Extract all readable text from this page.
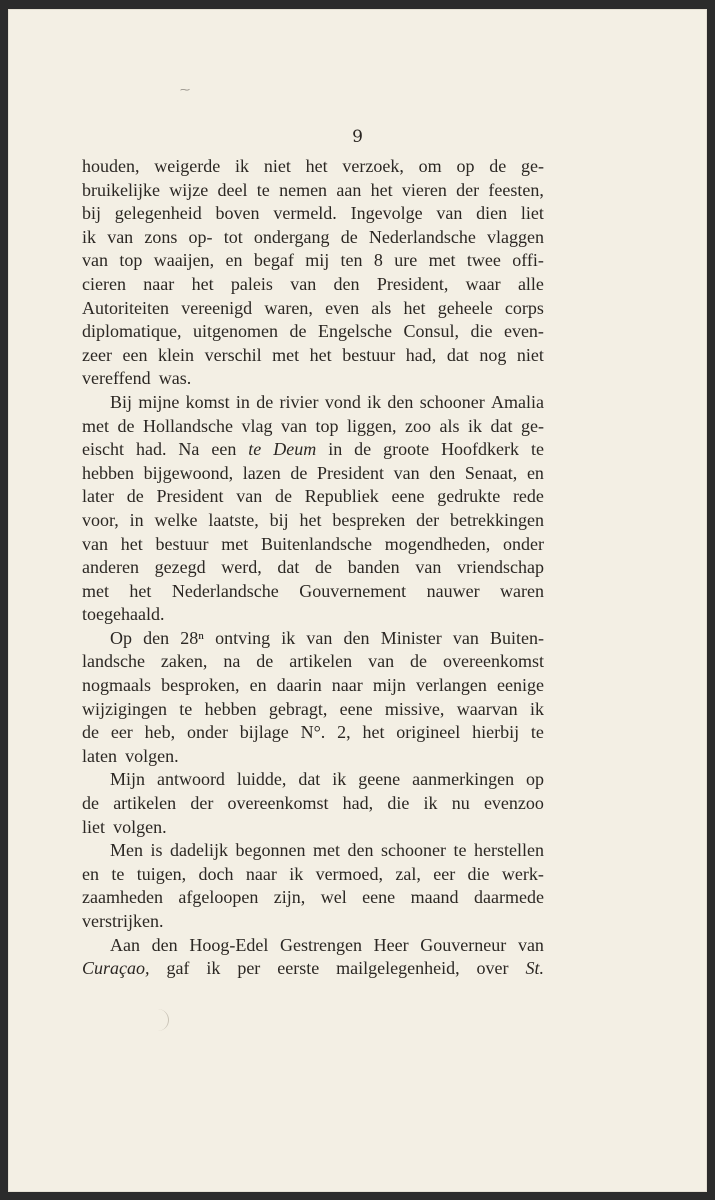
⁓
9
houden, weigerde ik niet het verzoek, om op de ge-
bruikelijke wijze deel te nemen aan het vieren der feesten,
bij gelegenheid boven vermeld. Ingevolge van dien liet
ik van zons op- tot ondergang de Nederlandsche vlaggen
van top waaijen, en begaf mij ten 8 ure met twee offi-
cieren naar het paleis van den President, waar alle
Autoriteiten vereenigd waren, even als het geheele corps
diplomatique, uitgenomen de Engelsche Consul, die even-
zeer een klein verschil met het bestuur had, dat nog niet
vereffend was.
Bij mijne komst in de rivier vond ik den schooner Amalia
met de Hollandsche vlag van top liggen, zoo als ik dat ge-
eischt had. Na een te Deum in de groote Hoofdkerk te
hebben bijgewoond, lazen de President van den Senaat, en
later de President van de Republiek eene gedrukte rede
voor, in welke laatste, bij het bespreken der betrekkingen
van het bestuur met Buitenlandsche mogendheden, onder
anderen gezegd werd, dat de banden van vriendschap
met het Nederlandsche Gouvernement nauwer waren
toegehaald.
Op den 28ⁿ ontving ik van den Minister van Buiten-
landsche zaken, na de artikelen van de overeenkomst
nogmaals besproken, en daarin naar mijn verlangen eenige
wijzigingen te hebben gebragt, eene missive, waarvan ik
de eer heb, onder bijlage N°. 2, het origineel hierbij te
laten volgen.
Mijn antwoord luidde, dat ik geene aanmerkingen op
de artikelen der overeenkomst had, die ik nu evenzoo
liet volgen.
Men is dadelijk begonnen met den schooner te herstellen
en te tuigen, doch naar ik vermoed, zal, eer die werk-
zaamheden afgeloopen zijn, wel eene maand daarmede
verstrijken.
Aan den Hoog-Edel Gestrengen Heer Gouverneur van
Curaçao, gaf ik per eerste mailgelegenheid, over St.
